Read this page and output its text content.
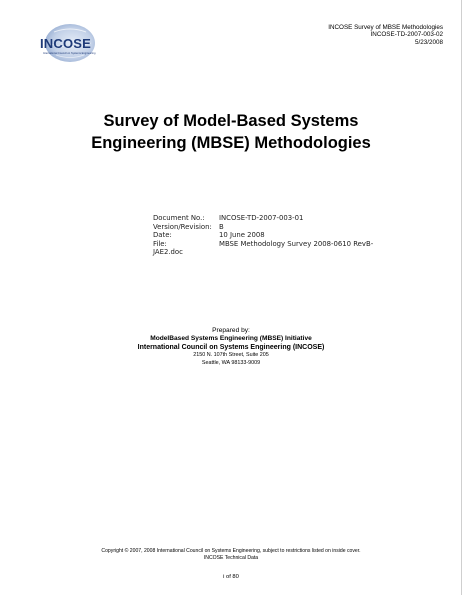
INCOSE
International Council on Systems Engineering
INCOSE Survey of MBSE Methodologies
INCOSE-TD-2007-003-02
5/23/2008
Survey of Model-Based Systems
Engineering (MBSE) Methodologies
Document No.:	INCOSE-TD-2007-003-01
Version/Revision:	B
Date:	10 June 2008
File:	MBSE Methodology Survey 2008-0610 RevB-
JAE2.doc
Prepared by:
ModelBased Systems Engineering (MBSE) Initiative
International Council on Systems Engineering (INCOSE)
2150 N. 107th Street, Suite 205
Seattle, WA 98133-9009
Copyright © 2007, 2008 International Council on Systems Engineering, subject to restrictions listed on inside cover.
INCOSE Technical Data
i of 80
